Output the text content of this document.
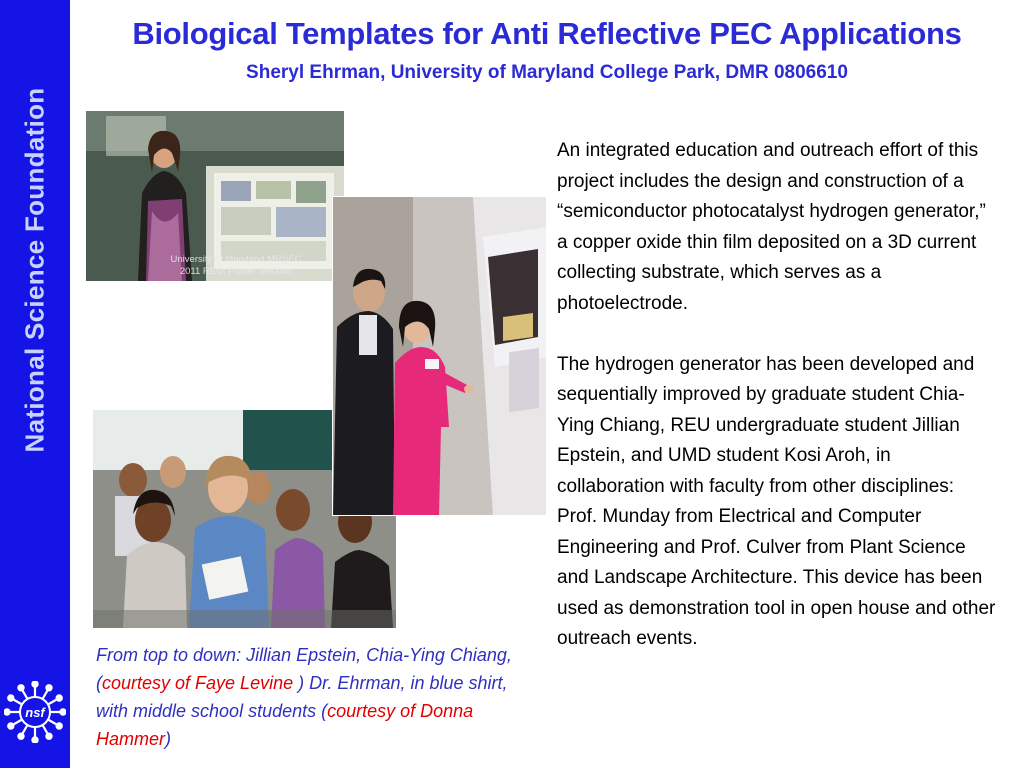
National Science Foundation
nsf
Biological Templates for Anti Reflective PEC Applications
Sheryl Ehrman, University of Maryland College Park, DMR 0806610
University of Maryland MRSEC
2011 REU: Poster Session
From top to down: Jillian Epstein, Chia-Ying Chiang, (courtesy of Faye Levine ) Dr. Ehrman, in blue shirt, with middle school students (courtesy of Donna Hammer)

An integrated education and outreach effort of this project includes the design and construction of a “semiconductor photocatalyst hydrogen generator,” a copper oxide thin film deposited on a 3D current collecting substrate, which serves as a photoelectrode.

The hydrogen generator has been developed and sequentially improved by graduate student Chia-Ying Chiang, REU undergraduate student Jillian Epstein, and UMD student Kosi Aroh, in collaboration with faculty from other disciplines: Prof. Munday from Electrical and Computer Engineering and Prof. Culver from Plant Science and Landscape Architecture. This device has been used as demonstration tool in open house and other outreach events.
